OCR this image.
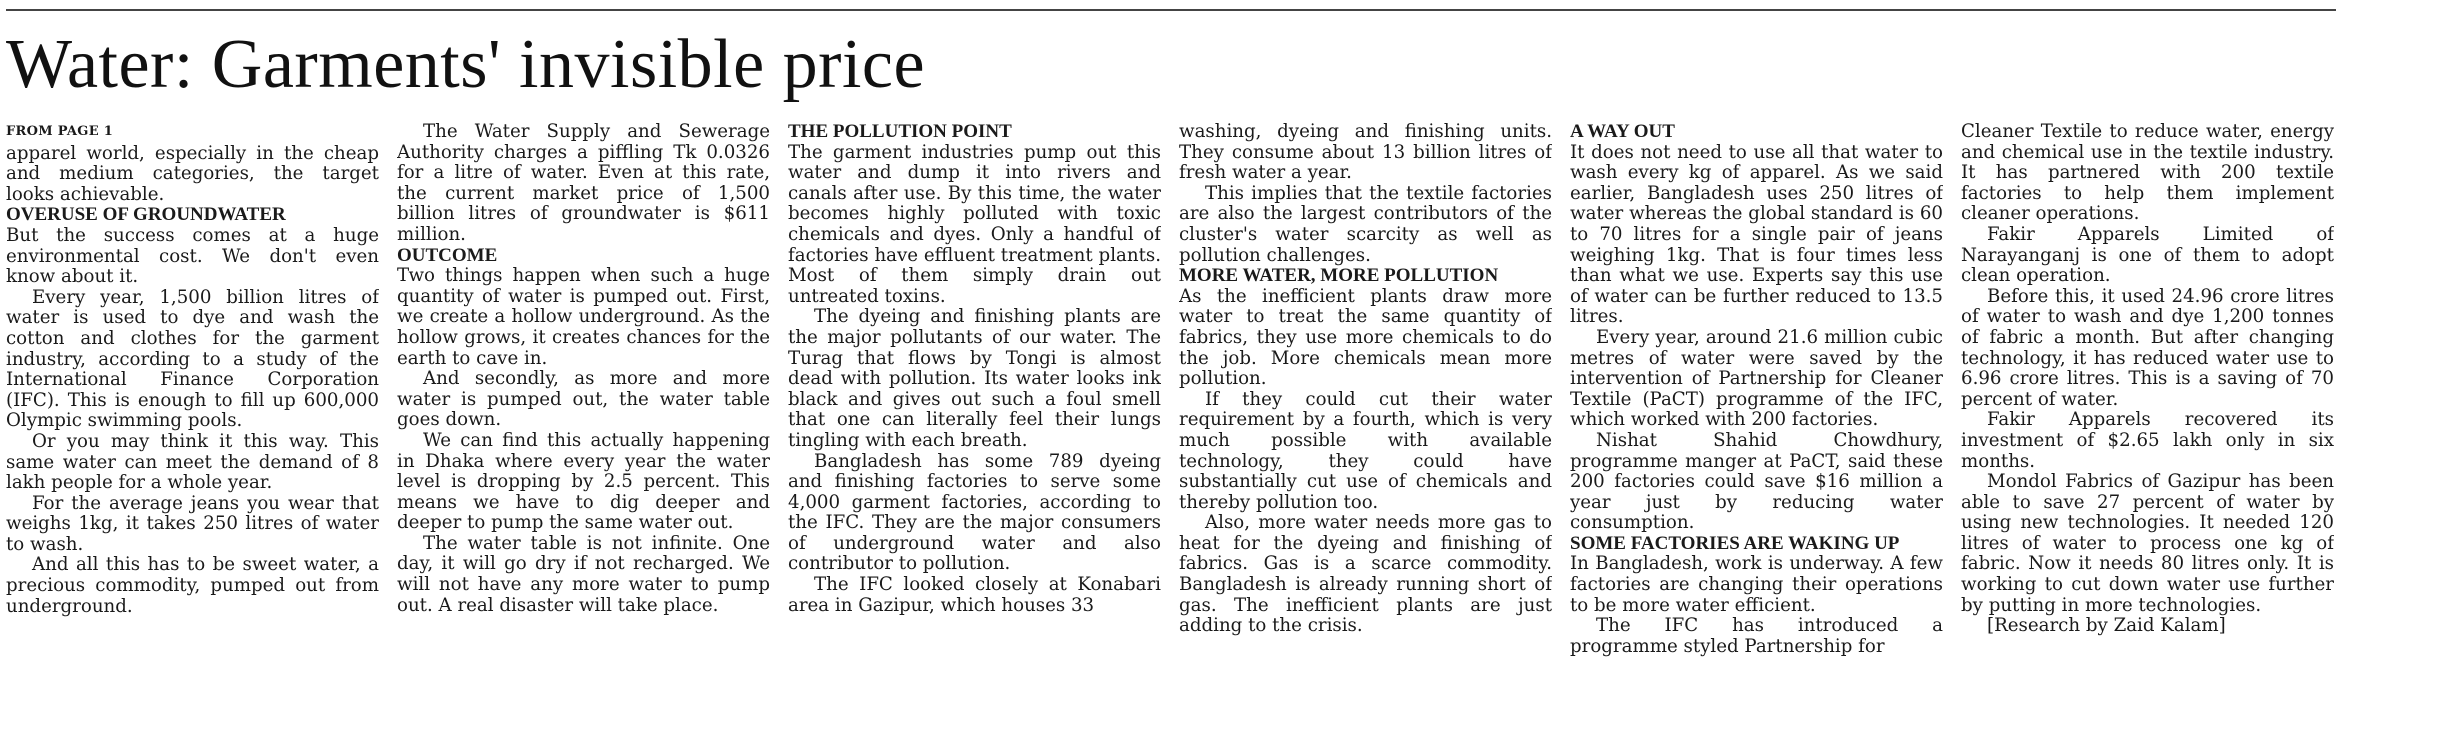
Water: Garments' invisible price
FROM PAGE 1

apparel world, especially in the cheap and medium categories, the target looks achievable.

OVERUSE OF GROUNDWATER

But the success comes at a huge environmental cost. We don't even know about it.

Every year, 1,500 billion litres of water is used to dye and wash the cotton and clothes for the garment industry, according to a study of the International Finance Corporation (IFC). This is enough to fill up 600,000 Olympic swimming pools.

Or you may think it this way. This same water can meet the demand of 8 lakh people for a whole year.

For the average jeans you wear that weighs 1kg, it takes 250 litres of water to wash.

And all this has to be sweet water, a precious commodity, pumped out from underground.

The Water Supply and Sewerage Authority charges a piffling Tk 0.0326 for a litre of water. Even at this rate, the current market price of 1,500 billion litres of groundwater is $611 million.

OUTCOME

Two things happen when such a huge quantity of water is pumped out. First, we create a hollow underground. As the hollow grows, it creates chances for the earth to cave in.

And secondly, as more and more water is pumped out, the water table goes down.

We can find this actually happening in Dhaka where every year the water level is dropping by 2.5 percent. This means we have to dig deeper and deeper to pump the same water out.

The water table is not infinite. One day, it will go dry if not recharged. We will not have any more water to pump out. A real disaster will take place.

THE POLLUTION POINT

The garment industries pump out this water and dump it into rivers and canals after use. By this time, the water becomes highly polluted with toxic chemicals and dyes. Only a handful of factories have effluent treatment plants. Most of them simply drain out untreated toxins.

The dyeing and finishing plants are the major pollutants of our water. The Turag that flows by Tongi is almost dead with pollution. Its water looks ink black and gives out such a foul smell that one can literally feel their lungs tingling with each breath.

Bangladesh has some 789 dyeing and finishing factories to serve some 4,000 garment factories, according to the IFC. They are the major consumers of underground water and also contributor to pollution.

The IFC looked closely at Konabari area in Gazipur, which houses 33

washing, dyeing and finishing units. They consume about 13 billion litres of fresh water a year.

This implies that the textile factories are also the largest contributors of the cluster's water scarcity as well as pollution challenges.

MORE WATER, MORE POLLUTION

As the inefficient plants draw more water to treat the same quantity of fabrics, they use more chemicals to do the job. More chemicals mean more pollution.

If they could cut their water requirement by a fourth, which is very much possible with available technology, they could have substantially cut use of chemicals and thereby pollution too.

Also, more water needs more gas to heat for the dyeing and finishing of fabrics. Gas is a scarce commodity. Bangladesh is already running short of gas. The inefficient plants are just adding to the crisis.

A WAY OUT

It does not need to use all that water to wash every kg of apparel. As we said earlier, Bangladesh uses 250 litres of water whereas the global standard is 60 to 70 litres for a single pair of jeans weighing 1kg. That is four times less than what we use. Experts say this use of water can be further reduced to 13.5 litres.

Every year, around 21.6 million cubic metres of water were saved by the intervention of Partnership for Cleaner Textile (PaCT) programme of the IFC, which worked with 200 factories.

Nishat Shahid Chowdhury, programme manger at PaCT, said these 200 factories could save $16 million a year just by reducing water consumption.

SOME FACTORIES ARE WAKING UP

In Bangladesh, work is underway. A few factories are changing their operations to be more water efficient.

The IFC has introduced a programme styled Partnership for

Cleaner Textile to reduce water, energy and chemical use in the textile industry. It has partnered with 200 textile factories to help them implement cleaner operations.

Fakir Apparels Limited of Narayanganj is one of them to adopt clean operation.

Before this, it used 24.96 crore litres of water to wash and dye 1,200 tonnes of fabric a month. But after changing technology, it has reduced water use to 6.96 crore litres. This is a saving of 70 percent of water.

Fakir Apparels recovered its investment of $2.65 lakh only in six months.

Mondol Fabrics of Gazipur has been able to save 27 percent of water by using new technologies. It needed 120 litres of water to process one kg of fabric. Now it needs 80 litres only. It is working to cut down water use further by putting in more technologies.

[Research by Zaid Kalam]
